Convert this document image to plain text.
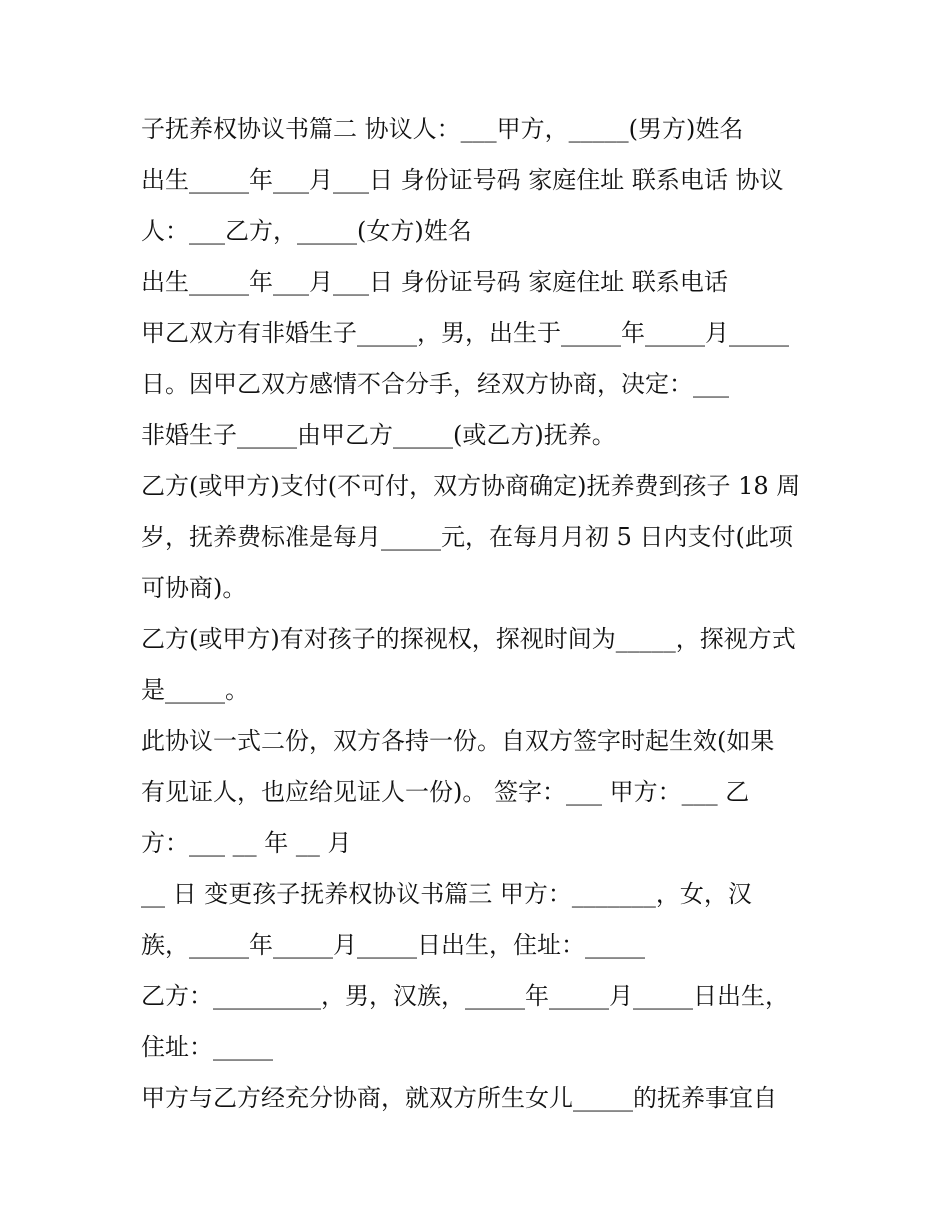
子抚养权协议书篇二 协议人：___甲方，_____(男方)姓名
出生_____年___月___日 身份证号码 家庭住址 联系电话 协议
人：___乙方，_____(女方)姓名
出生_____年___月___日 身份证号码 家庭住址 联系电话
甲乙双方有非婚生子_____，男，出生于_____年_____月_____
日。因甲乙双方感情不合分手，经双方协商，决定：___
非婚生子_____由甲乙方_____(或乙方)抚养。
乙方(或甲方)支付(不可付，双方协商确定)抚养费到孩子 18 周
岁，抚养费标准是每月_____元，在每月月初 5 日内支付(此项
可协商)。
乙方(或甲方)有对孩子的探视权，探视时间为_____，探视方式
是_____。
此协议一式二份，双方各持一份。自双方签字时起生效(如果
有见证人，也应给见证人一份)。 签字：___ 甲方：___ 乙
方：___ __ 年 __ 月
__ 日 变更孩子抚养权协议书篇三 甲方：_______，女，汉
族，_____年_____月_____日出生，住址：_____
乙方：_________，男，汉族，_____年_____月_____日出生，
住址：_____
甲方与乙方经充分协商，就双方所生女儿_____的抚养事宜自
